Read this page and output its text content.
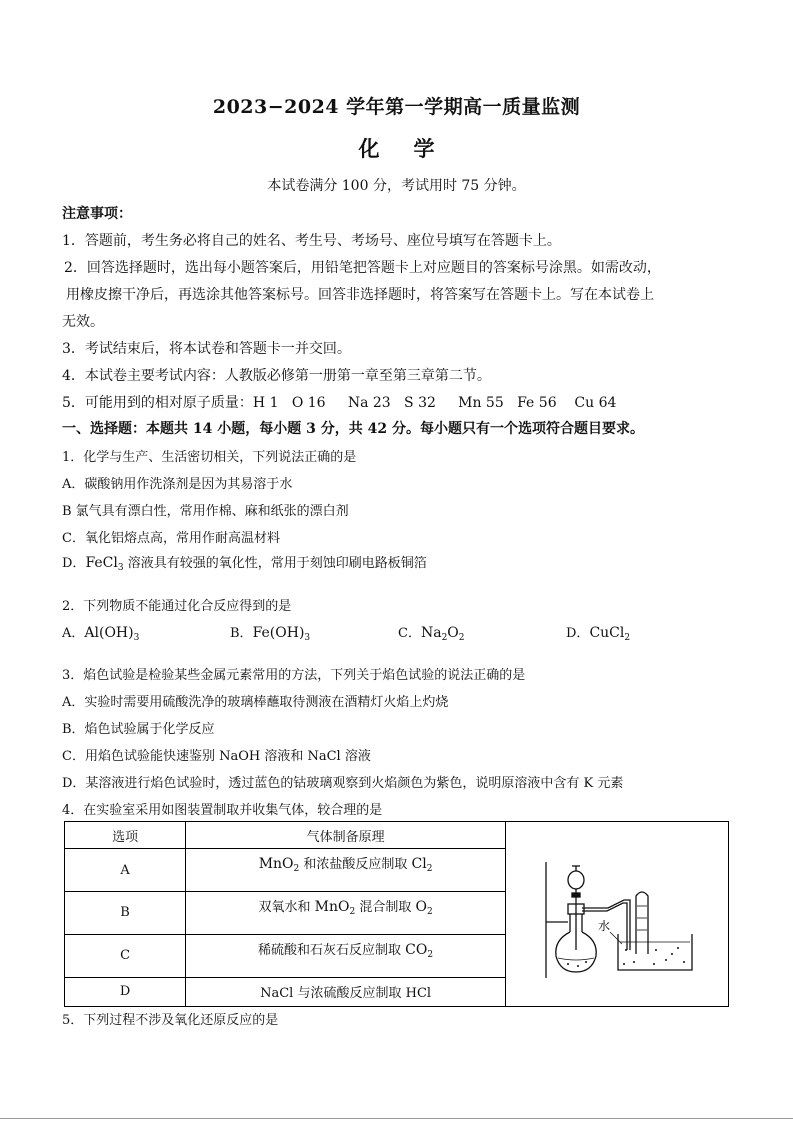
2023−2024 学年第一学期高一质量监测
化学
本试卷满分 100 分，考试用时 75 分钟。
注意事项：
1．答题前，考生务必将自己的姓名、考生号、考场号、座位号填写在答题卡上。
2．回答选择题时，选出每小题答案后，用铅笔把答题卡上对应题目的答案标号涂黑。如需改动，
用橡皮擦干净后，再选涂其他答案标号。回答非选择题时，将答案写在答题卡上。写在本试卷上
无效。
3．考试结束后，将本试卷和答题卡一并交回。
4．本试卷主要考试内容：人教版必修第一册第一章至第三章第二节。
5．可能用到的相对原子质量：H 1   O 16     Na 23   S 32     Mn 55   Fe 56    Cu 64
一、选择题：本题共 14 小题，每小题 3 分，共 42 分。每小题只有一个选项符合题目要求。
1．化学与生产、生活密切相关，下列说法正确的是
A．碳酸钠用作洗涤剂是因为其易溶于水
B 氯气具有漂白性，常用作棉、麻和纸张的漂白剂
C．氧化铝熔点高，常用作耐高温材料
D．FeCl$_3$ 溶液具有较强的氧化性，常用于刻蚀印刷电路板铜箔
2．下列物质不能通过化合反应得到的是
A．$Al(OH)_3$	B．$Fe(OH)_3$	C．$Na_2O_2$	D．CuCl$_2$
3．焰色试验是检验某些金属元素常用的方法，下列关于焰色试验的说法正确的是
A．实验时需要用硫酸洗净的玻璃棒蘸取待测液在酒精灯火焰上灼烧
B．焰色试验属于化学反应
C．用焰色试验能快速鉴别 NaOH 溶液和 NaCl 溶液
D．某溶液进行焰色试验时，透过蓝色的钴玻璃观察到火焰颜色为紫色，说明原溶液中含有 K 元素
4．在实验室采用如图装置制取并收集气体，较合理的是
选项	气体制备原理	水

A	MnO$_2$ 和浓盐酸反应制取 $Cl_2$
B	双氧水和 MnO$_2$ 混合制取 $O_2$
C	稀硫酸和石灰石反应制取 $CO_2$
D	NaCl 与浓硫酸反应制取 HCl	
5．下列过程不涉及氧化还原反应的是
